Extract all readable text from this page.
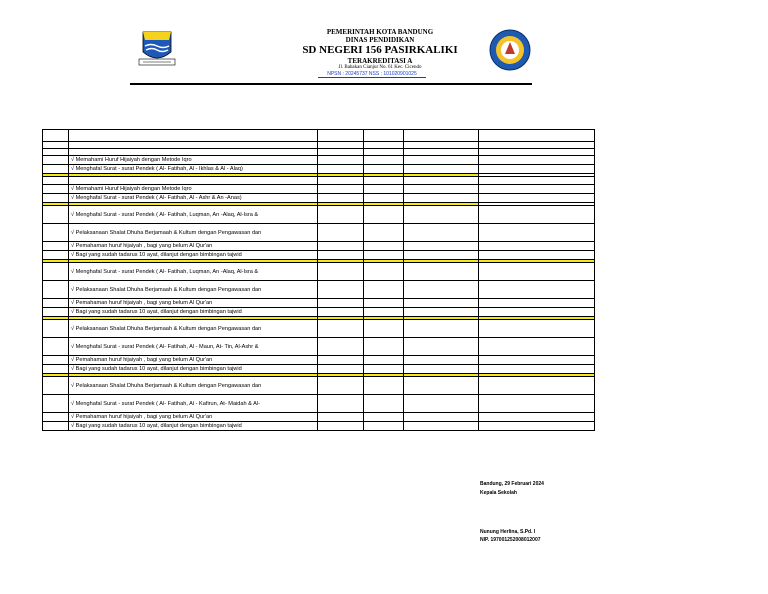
PEMERINTAH KOTA BANDUNG
DINAS PENDIDIKAN
SD NEGERI 156 PASIRKALIKI
TERAKREDITASI A
Jl. Babakan Cianjur No. 61 Kec. Cicendo
NPSN : 20245737 NSS : 101020901025

	√ Memahami Huruf Hijaiyah dengan Metode Iqro				
	√ Menghafal Surat - surat Pendek ( Al- Fatihah, Al - Ikhlas & Al - Alaq)				

	√ Memahami Huruf Hijaiyah dengan Metode Iqro				
	√ Menghafal Surat - surat Pendek ( Al- Fatihah, Al - Ashr & An -Anas)				

	√ Menghafal Surat - surat Pendek ( Al- Fatihah, Luqman, An -Alaq, Al-Isra &				
	√ Pelaksanaan Shalat Dhuha Berjamaah & Kultum dengan Pengawasan dan				
	√ Pemahaman huruf hijaiyah , bagi yang belum Al Qur'an				
	√ Bagi yang sudah tadarus 10 ayat, dilanjut dengan bimbingan tajwid				

	√ Menghafal Surat - surat Pendek ( Al- Fatihah, Luqman, An -Alaq, Al-Isra &				
	√ Pelaksanaan Shalat Dhuha Berjamaah & Kultum dengan Pengawasan dan				
	√ Pemahaman huruf hijaiyah , bagi yang belum Al Qur'an				
	√ Bagi yang sudah tadarus 10 ayat, dilanjut dengan bimbingan tajwid				

	√ Pelaksanaan Shalat Dhuha Berjamaah & Kultum dengan Pengawasan dan				
	√ Menghafal Surat - surat Pendek ( Al- Fatihah, Al - Maun, At- Tin, Al-Ashr &				
	√ Pemahaman huruf hijaiyah , bagi yang belum Al Qur'an				
	√ Bagi yang sudah tadarus 10 ayat, dilanjut dengan bimbingan tajwid				

	√ Pelaksanaan Shalat Dhuha Berjamaah & Kultum dengan Pengawasan dan				
	√ Menghafal Surat - surat Pendek ( Al- Fatihah, Al - Kafirun, At- Maidah & Al-				
	√ Pemahaman huruf hijaiyah , bagi yang belum Al Qur'an				
	√ Bagi yang sudah tadarus 10 ayat, dilanjut dengan bimbingan tajwid				
Bandung, 29 Februari 2024
Kepala Sekolah
Nunung Herlina, S.Pd. I
NIP. 197001252008012007
